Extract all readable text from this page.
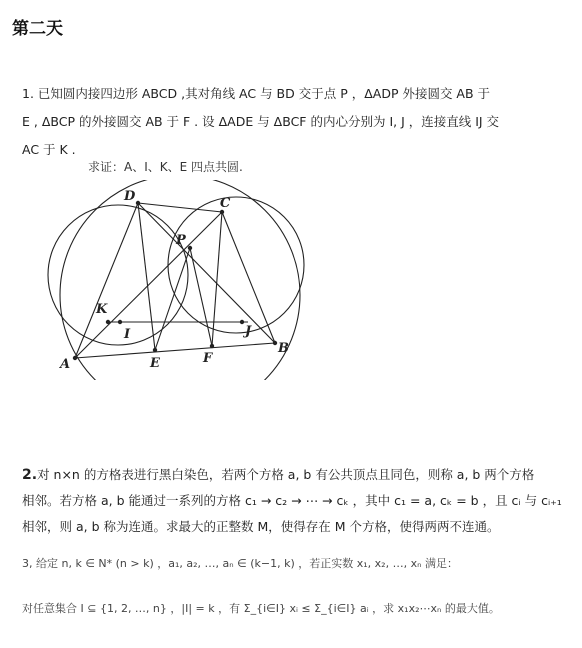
第二天
1. 已知圆内接四边形 ABCD ,其对角线 AC 与 BD 交于点 P ，ΔADP 外接圆交 AB 于
E , ΔBCP 的外接圆交 AB 于 F . 设 ΔADE 与 ΔBCF 的内心分别为 I, J ，连接直线 IJ 交
AC 于 K .
求证：A、I、K、E 四点共圆.
A
B
C
D
P
E	F
I	J
K
2.对 n×n 的方格表进行黑白染色，若两个方格 a, b 有公共顶点且同色，则称 a, b 两个方格
相邻。若方格 a, b 能通过一系列的方格 c₁ → c₂ → ⋯ → cₖ ，其中 c₁ = a, cₖ = b ，且 cᵢ 与 cᵢ₊₁
相邻，则 a, b 称为连通。求最大的正整数 M，使得存在 M 个方格，使得两两不连通。
3, 给定 n, k ∈ N* (n > k) ，a₁, a₂, …, aₙ ∈ (k−1, k) ，若正实数 x₁, x₂, …, xₙ 满足：
对任意集合 I ⊆ {1, 2, …, n} ，|I| = k ，有 Σ_{i∈I} xᵢ ≤ Σ_{i∈I} aᵢ ，求 x₁x₂⋯xₙ 的最大值。
